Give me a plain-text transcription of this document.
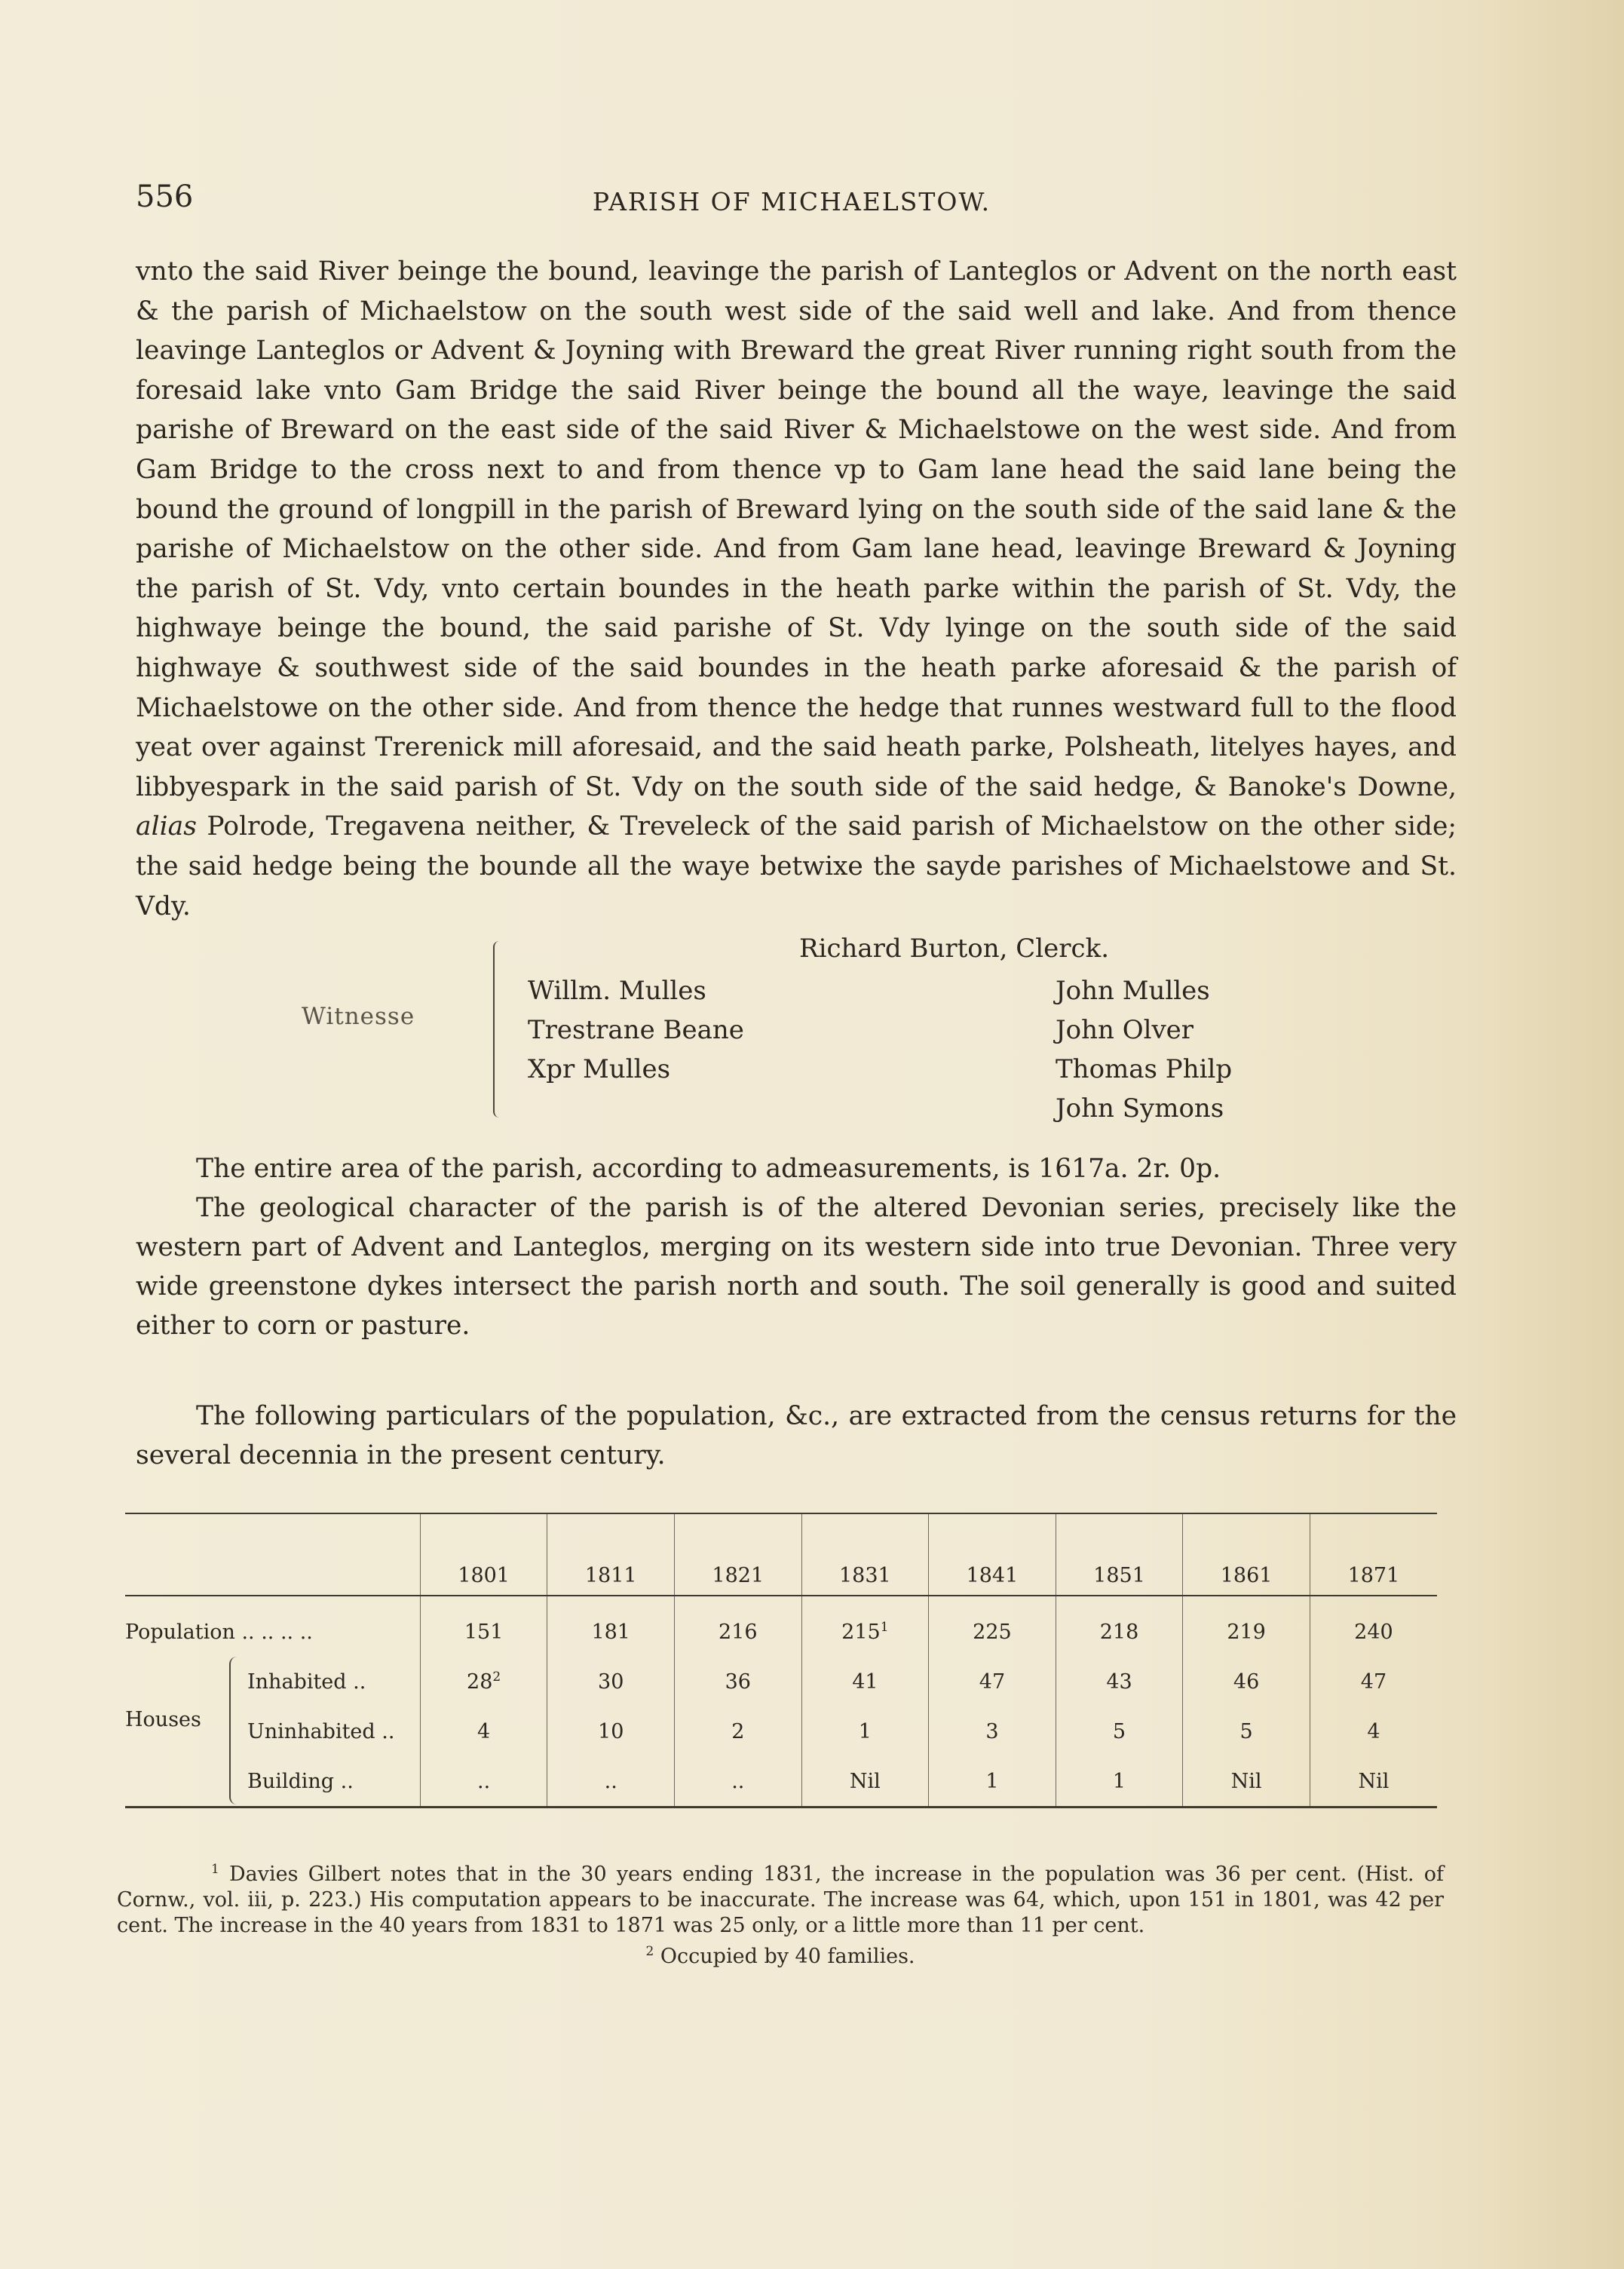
556	PARISH OF MICHAELSTOW.

vnto the said River beinge the bound, leavinge the parish of Lanteglos or Advent on the north east & the parish of Michaelstow on the south west side of the said well and lake. And from thence leavinge Lanteglos or Advent & Joyning with Breward the great River running right south from the foresaid lake vnto Gam Bridge the said River beinge the bound all the waye, leavinge the said parishe of Breward on the east side of the said River & Michaelstowe on the west side. And from Gam Bridge to the cross next to and from thence vp to Gam lane head the said lane being the bound the ground of longpill in the parish of Breward lying on the south side of the said lane & the parishe of Michaelstow on the other side. And from Gam lane head, leavinge Breward & Joyning the parish of St. Vdy, vnto certain boundes in the heath parke within the parish of St. Vdy, the highwaye beinge the bound, the said parishe of St. Vdy lyinge on the south side of the said highwaye & southwest side of the said boundes in the heath parke aforesaid & the parish of Michaelstowe on the other side. And from thence the hedge that runnes westward full to the flood yeat over against Trerenick mill aforesaid, and the said heath parke, Polsheath, litelyes hayes, and libbyespark in the said parish of St. Vdy on the south side of the said hedge, & Banoke's Downe, alias Polrode, Tregavena neither, & Treveleck of the said parish of Michaelstow on the other side; the said hedge being the bounde all the waye betwixe the sayde parishes of Michaelstowe and St. Vdy.

Richard Burton, Clerck.
Witnesse
Willm. Mulles
Trestrane Beane
Xpr Mulles
John Mulles
John Olver
Thomas Philp
John Symons

The entire area of the parish, according to admeasurements, is 1617a. 2r. 0p.

The geological character of the parish is of the altered Devonian series, precisely like the western part of Advent and Lanteglos, merging on its western side into true Devonian. Three very wide greenstone dykes intersect the parish north and south. The soil generally is good and suited either to corn or pasture.

The following particulars of the population, &c., are extracted from the census returns for the several decennia in the present century.

	1801	1811	1821	1831	1841	1851	1861	1871
Population .. .. .. ..	151	181	216	$215^1$	225	218	219	240

Houses
Inhabited ..	$28^2$	30	36	41	47	43	46	47

Uninhabited ..	4	10	2	1	3	5	5	4

Building ..	..	..	..	Nil	1	1	Nil	Nil

$^1$ Davies Gilbert notes that in the 30 years ending 1831, the increase in the population was 36 per cent. (Hist. of Cornw., vol. iii, p. 223.) His computation appears to be inaccurate. The increase was 64, which, upon 151 in 1801, was 42 per cent. The increase in the 40 years from 1831 to 1871 was 25 only, or a little more than 11 per cent.

$^2$ Occupied by 40 families.
